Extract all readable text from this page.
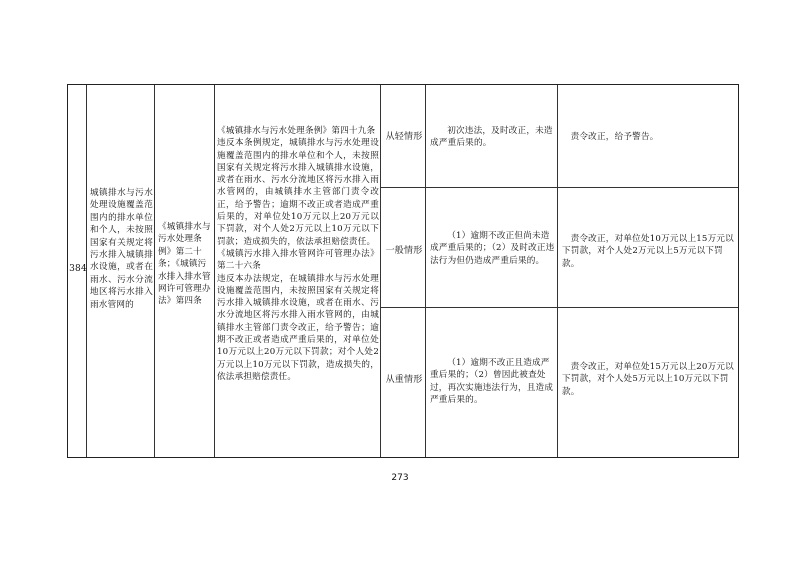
384
城镇排水与污水处理设施覆盖范围内的排水单位和个人，未按照国家有关规定将污水排入城镇排水设施，或者在雨水、污水分流地区将污水排入雨水管网的
《城镇排水与污水处理条例》第二十条；《城镇污水排入排水管网许可管理办法》第四条
《城镇排水与污水处理条例》第四十九条
违反本条例规定，城镇排水与污水处理设施覆盖范围内的排水单位和个人，未按照国家有关规定将污水排入城镇排水设施，或者在雨水、污水分流地区将污水排入雨水管网的，由城镇排水主管部门责令改正，给予警告；逾期不改正或者造成严重后果的，对单位处10万元以上20万元以下罚款，对个人处2万元以上10万元以下罚款；造成损失的，依法承担赔偿责任。
《城镇污水排入排水管网许可管理办法》第二十六条
违反本办法规定，在城镇排水与污水处理设施覆盖范围内，未按照国家有关规定将污水排入城镇排水设施，或者在雨水、污水分流地区将污水排入雨水管网的，由城镇排水主管部门责令改正，给予警告；逾期不改正或者造成严重后果的，对单位处10万元以上20万元以下罚款；对个人处2万元以上10万元以下罚款，造成损失的，依法承担赔偿责任。
从轻情形
初次违法，及时改正，未造成严重后果的。
责令改正，给予警告。
一般情形
（1）逾期不改正但尚未造成严重后果的；（2）及时改正违法行为但仍造成严重后果的。
责令改正，对单位处10万元以上15万元以下罚款，对个人处2万元以上5万元以下罚款。
从重情形
（1）逾期不改正且造成严重后果的；（2）曾因此被查处过，再次实施违法行为，且造成严重后果的。
责令改正，对单位处15万元以上20万元以下罚款，对个人处5万元以上10万元以下罚款。
273
